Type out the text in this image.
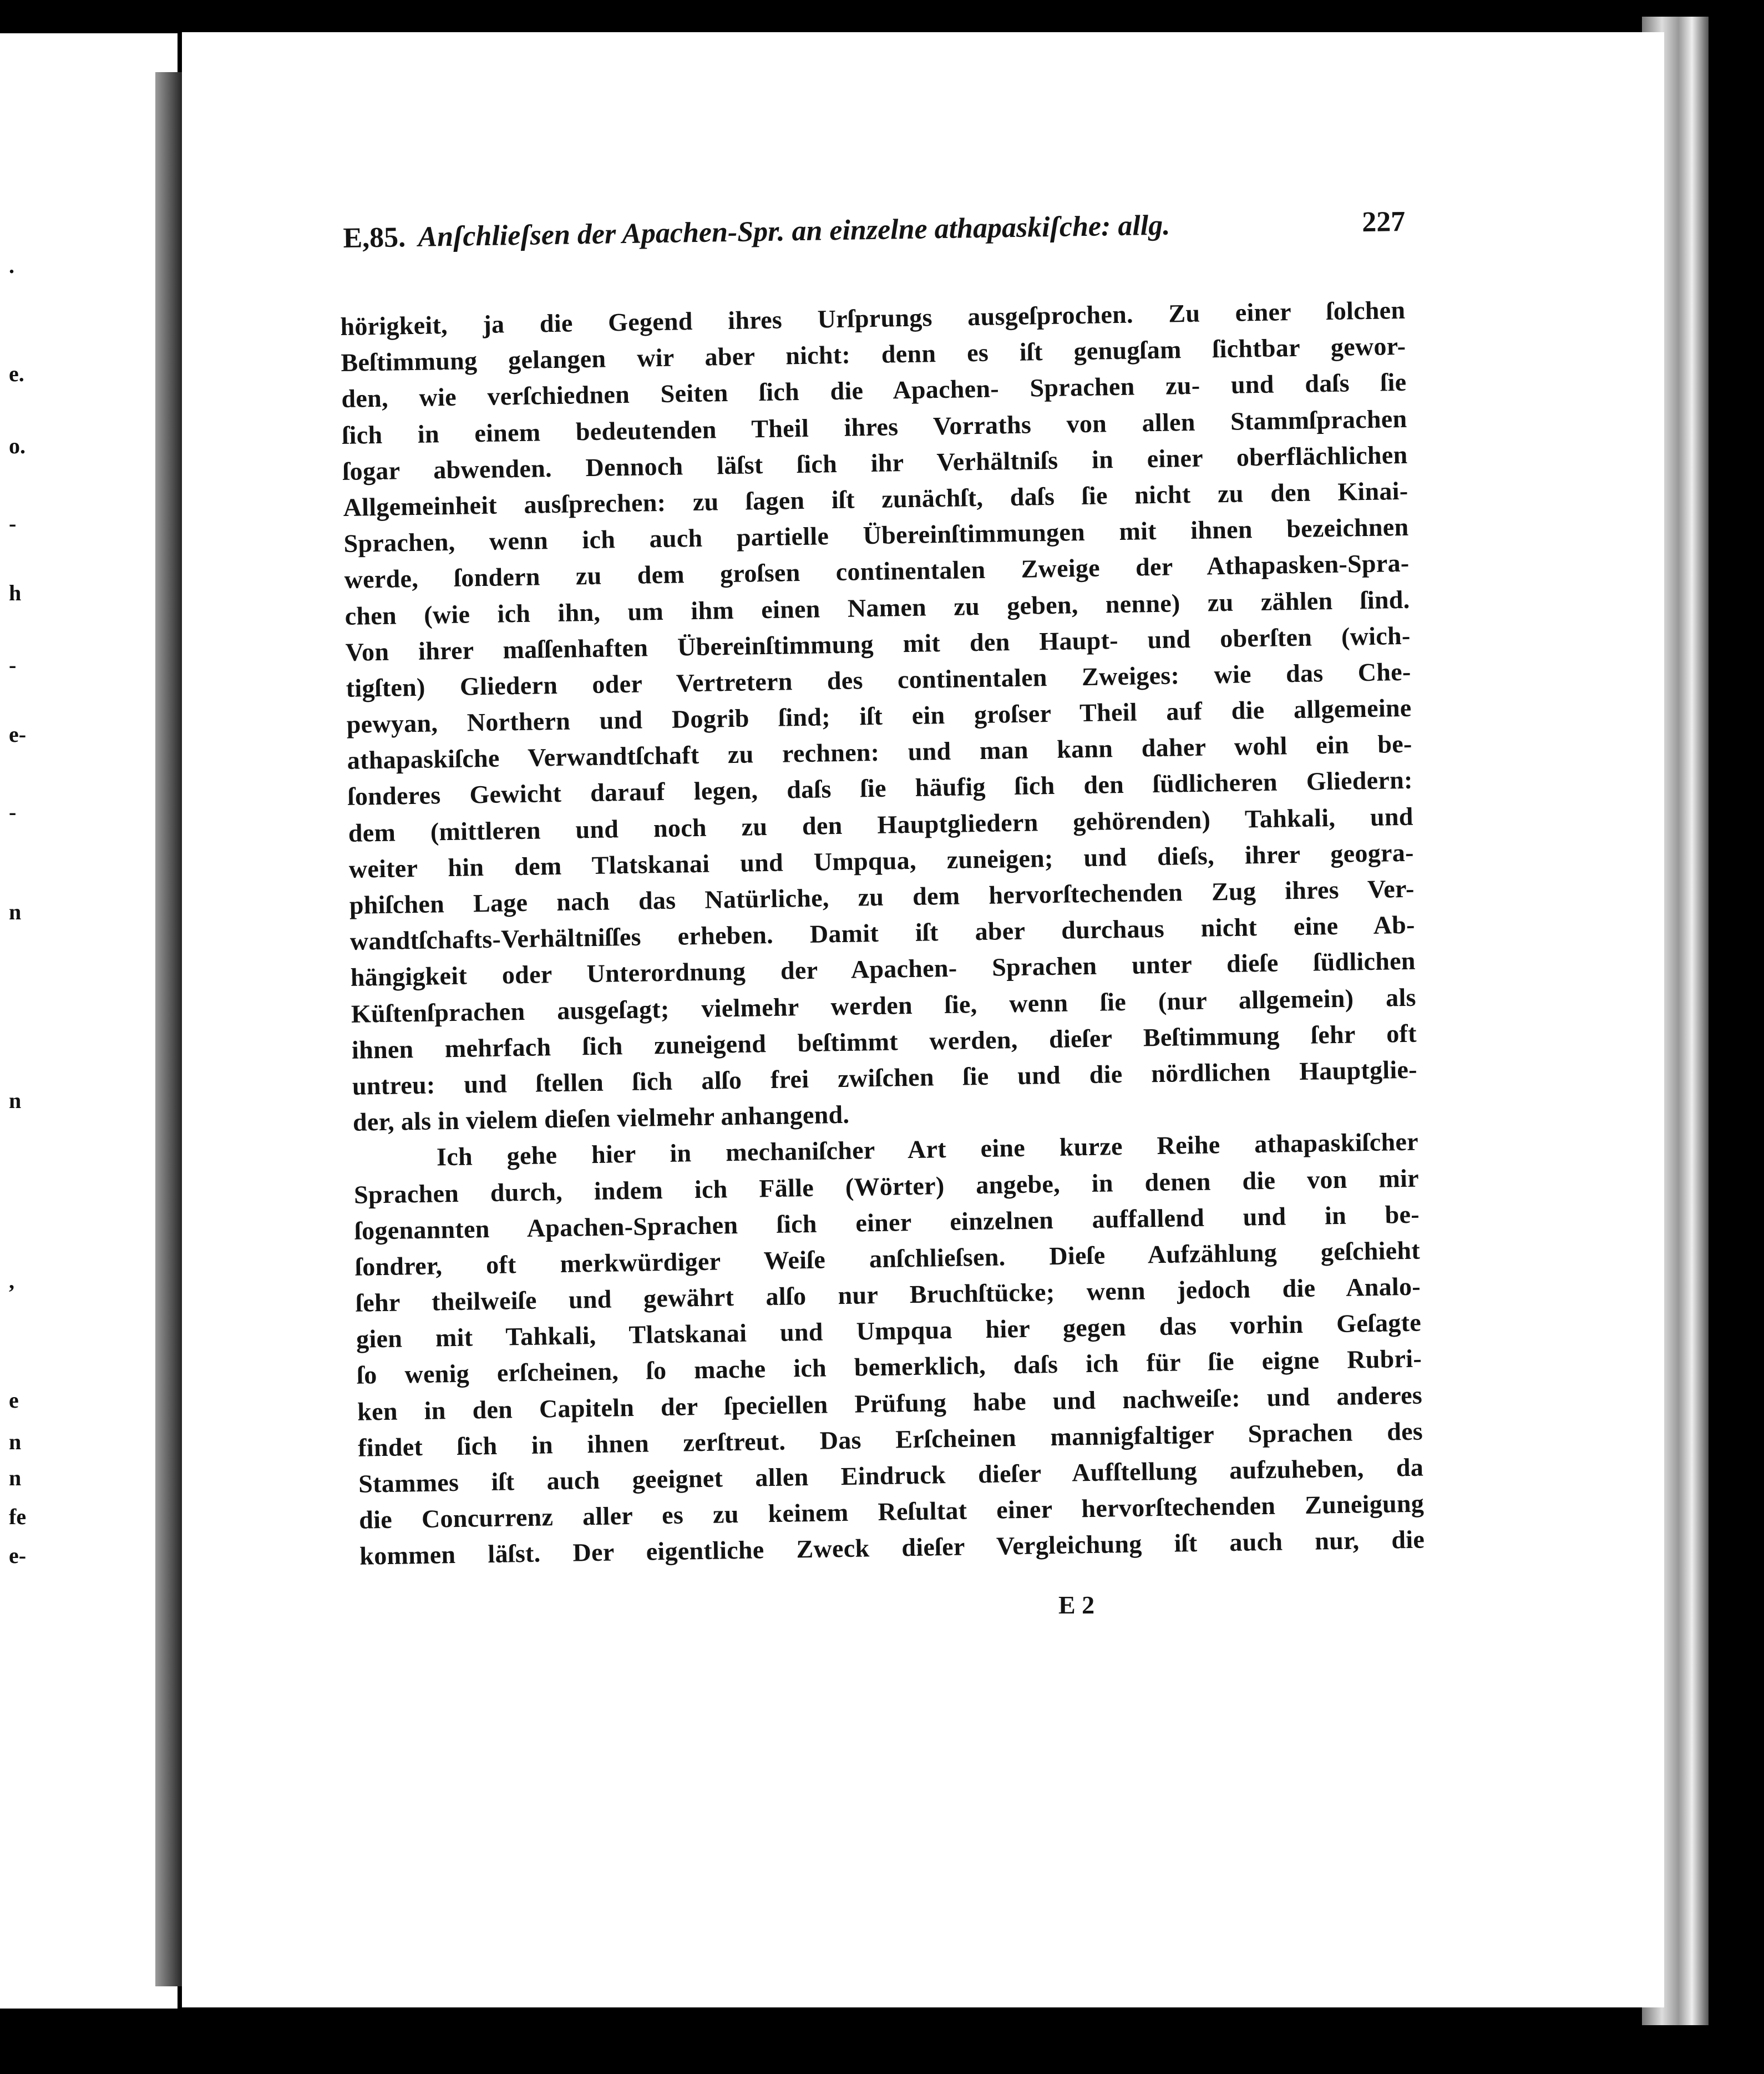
.
e.
o.
-
h
-
e-
-
n
n
,
e
n
n
fe
e-
E,85. Anſchlieſsen der Apachen-Spr. an einzelne athapaskiſche: allg.	227
hörigkeit, ja die Gegend ihres Urſprungs ausgeſprochen. Zu einer ſolchen
Beſtimmung gelangen wir aber nicht: denn es iſt genugſam ſichtbar gewor-
den, wie verſchiednen Seiten ſich die Apachen- Sprachen zu- und daſs ſie
ſich in einem bedeutenden Theil ihres Vorraths von allen Stammſprachen
ſogar abwenden. Dennoch läſst ſich ihr Verhältniſs in einer oberflächlichen
Allgemeinheit ausſprechen: zu ſagen iſt zunächſt, daſs ſie nicht zu den Kinai-
Sprachen, wenn ich auch partielle Übereinſtimmungen mit ihnen bezeichnen
werde, ſondern zu dem groſsen continentalen Zweige der Athapasken-Spra-
chen (wie ich ihn, um ihm einen Namen zu geben, nenne) zu zählen ſind.
Von ihrer maſſenhaften Übereinſtimmung mit den Haupt- und oberſten (wich-
tigſten) Gliedern oder Vertretern des continentalen Zweiges: wie das Che-
pewyan, Northern und Dogrib ſind; iſt ein groſser Theil auf die allgemeine
athapaskiſche Verwandtſchaft zu rechnen: und man kann daher wohl ein be-
ſonderes Gewicht darauf legen, daſs ſie häufig ſich den ſüdlicheren Gliedern:
dem (mittleren und noch zu den Hauptgliedern gehörenden) Tahkali, und
weiter hin dem Tlatskanai und Umpqua, zuneigen; und dieſs, ihrer geogra-
phiſchen Lage nach das Natürliche, zu dem hervorſtechenden Zug ihres Ver-
wandtſchafts-Verhältniſſes erheben. Damit iſt aber durchaus nicht eine Ab-
hängigkeit oder Unterordnung der Apachen- Sprachen unter dieſe ſüdlichen
Küſtenſprachen ausgeſagt; vielmehr werden ſie, wenn ſie (nur allgemein) als
ihnen mehrfach ſich zuneigend beſtimmt werden, dieſer Beſtimmung ſehr oft
untreu: und ſtellen ſich alſo frei zwiſchen ſie und die nördlichen Hauptglie-
der, als in vielem dieſen vielmehr anhangend.
Ich gehe hier in mechaniſcher Art eine kurze Reihe athapaskiſcher
Sprachen durch, indem ich Fälle (Wörter) angebe, in denen die von mir
ſogenannten Apachen-Sprachen ſich einer einzelnen auffallend und in be-
ſondrer, oft merkwürdiger Weiſe anſchlieſsen. Dieſe Aufzählung geſchieht
ſehr theilweiſe und gewährt alſo nur Bruchſtücke; wenn jedoch die Analo-
gien mit Tahkali, Tlatskanai und Umpqua hier gegen das vorhin Geſagte
ſo wenig erſcheinen, ſo mache ich bemerklich, daſs ich für ſie eigne Rubri-
ken in den Capiteln der ſpeciellen Prüfung habe und nachweiſe: und anderes
findet ſich in ihnen zerſtreut. Das Erſcheinen mannigfaltiger Sprachen des
Stammes iſt auch geeignet allen Eindruck dieſer Aufſtellung aufzuheben, da
die Concurrenz aller es zu keinem Reſultat einer hervorſtechenden Zuneigung
kommen läſst. Der eigentliche Zweck dieſer Vergleichung iſt auch nur, die
E 2
